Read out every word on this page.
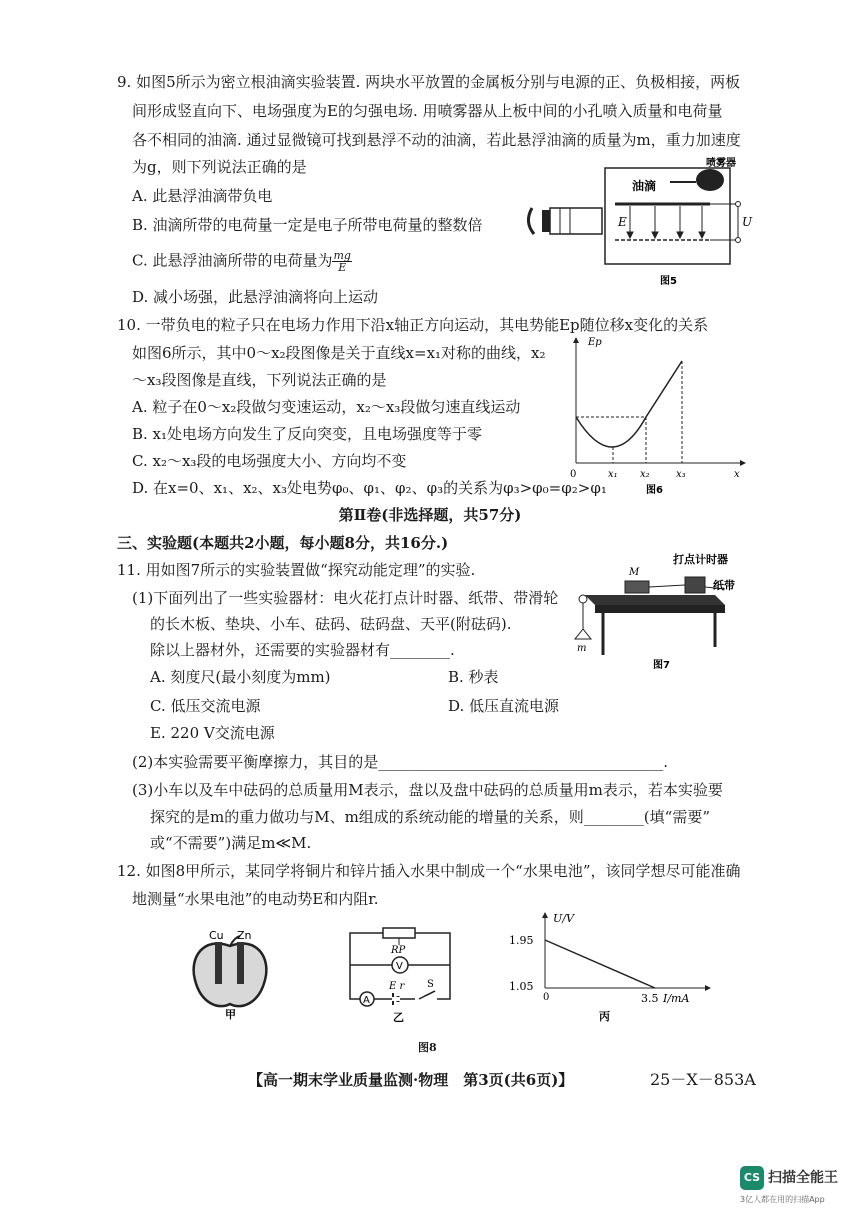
9. 如图5所示为密立根油滴实验装置. 两块水平放置的金属板分别与电源的正、负极相接，两板
间形成竖直向下、电场强度为E的匀强电场. 用喷雾器从上板中间的小孔喷入质量和电荷量
各不相同的油滴. 通过显微镜可找到悬浮不动的油滴，若此悬浮油滴的质量为m，重力加速度
为g，则下列说法正确的是
A. 此悬浮油滴带负电
B. 油滴所带的电荷量一定是电子所带电荷量的整数倍
C. 此悬浮油滴所带的电荷量为 $\frac{mg}{E}$
D. 减小场强，此悬浮油滴将向上运动
油滴
喷雾器
E	U
图5
10. 一带负电的粒子只在电场力作用下沿x轴正方向运动，其电势能Ep随位移x变化的关系
如图6所示，其中0～x₂段图像是关于直线x=x₁对称的曲线，x₂
～x₃段图像是直线，下列说法正确的是
A. 粒子在0～x₂段做匀变速运动，x₂～x₃段做匀速直线运动
B. x₁处电场方向发生了反向突变，且电场强度等于零
C. x₂～x₃段的电场强度大小、方向均不变
D. 在x=0、x₁、x₂、x₃处电势φ₀、φ₁、φ₂、φ₃的关系为φ₃>φ₀=φ₂>φ₁
Ep
0	x₁ x₂	x₃	x
图6
第Ⅱ卷(非选择题，共57分)
三、实验题(本题共2小题，每小题8分，共16分.)
11. 用如图7所示的实验装置做“探究动能定理”的实验.
(1)下面列出了一些实验器材：电火花打点计时器、纸带、带滑轮
的长木板、垫块、小车、砝码、砝码盘、天平(附砝码).
除以上器材外，还需要的实验器材有________.
A. 刻度尺(最小刻度为mm)	B. 秒表
C. 低压交流电源	D. 低压直流电源
E. 220 V交流电源
(2)本实验需要平衡摩擦力，其目的是______________________________________.
(3)小车以及车中砝码的总质量用M表示，盘以及盘中砝码的总质量用m表示，若本实验要
探究的是m的重力做功与M、m组成的系统动能的增量的关系，则________(填“需要”
或“不需要”)满足m≪M.
M
m
打点计时器
纸带
图7
12. 如图8甲所示，某同学将铜片和锌片插入水果中制成一个“水果电池”，该同学想尽可能准确
地测量“水果电池”的电动势E和内阻r.
Cu Zn
甲
RP
V
A
E r S
乙
U/V
1.95
1.05
0	3.5 I/mA
丙
图8
【高一期末学业质量监测·物理　第3页(共6页)】	25－X－853A
CS 扫描全能王
3亿人都在用的扫描App
